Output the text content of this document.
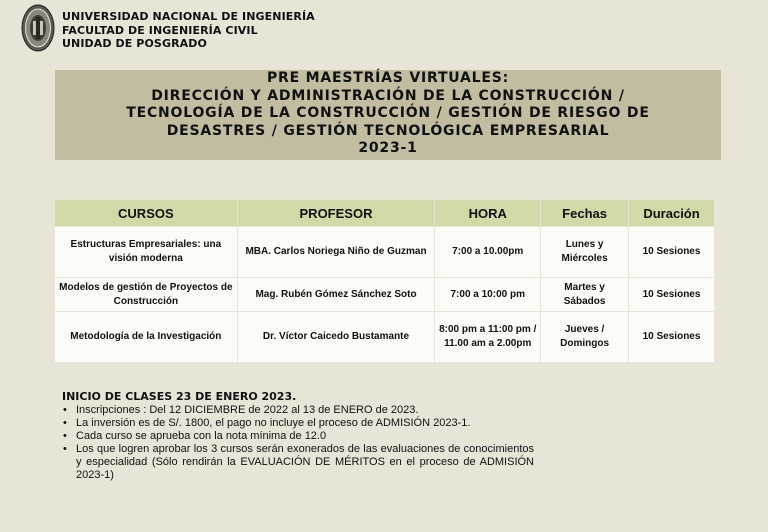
UNIVERSIDAD NACIONAL DE INGENIERÍA
FACULTAD DE INGENIERÍA CIVIL
UNIDAD DE POSGRADO
PRE MAESTRÍAS VIRTUALES:
DIRECCIÓN Y ADMINISTRACIÓN DE LA CONSTRUCCIÓN /
TECNOLOGÍA DE LA CONSTRUCCIÓN / GESTIÓN DE RIESGO DE
DESASTRES / GESTIÓN TECNOLÓGICA EMPRESARIAL
2023-1
CURSOS	PROFESOR	HORA	Fechas	Duración
Estructuras Empresariales: una visión moderna	MBA. Carlos Noriega Niño de Guzman	7:00 a 10.00pm	Lunes y Miércoles	10 Sesiones
Modelos de gestión de Proyectos de Construcción	Mag. Rubén Gómez Sánchez Soto	7:00 a 10:00 pm	Martes y Sábados	10 Sesiones
Metodología de la Investigación	Dr. Víctor Caicedo Bustamante	8:00 pm a 11:00 pm / 11.00 am a 2.00pm	Jueves / Domingos	10 Sesiones
INICIO DE CLASES 23 DE ENERO 2023.
• Inscripciones : Del 12 DICIEMBRE de 2022 al 13 de ENERO de 2023.
• La inversión es de S/. 1800, el pago no incluye el proceso de ADMISIÓN 2023-1.
• Cada curso se aprueba con la nota mínima de 12.0
• Los que logren aprobar los 3 cursos serán exonerados de las evaluaciones de conocimientos y especialidad (Sólo rendirán la EVALUACIÓN DE MÉRITOS en el proceso de ADMISIÓN 2023-1)
